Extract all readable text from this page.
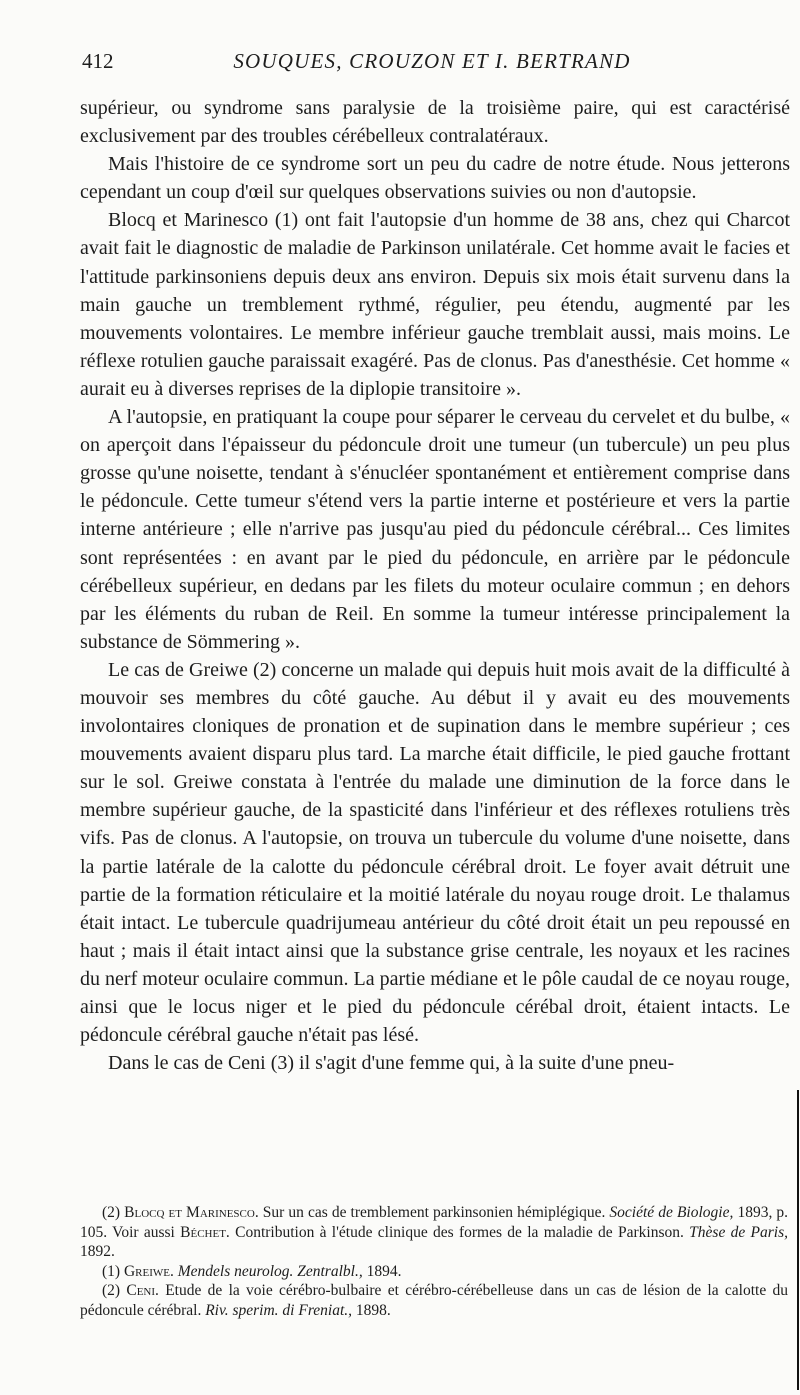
412	SOUQUES, CROUZON ET I. BERTRAND

supérieur, ou syndrome sans paralysie de la troisième paire, qui est caractérisé exclusivement par des troubles cérébelleux contralatéraux.

Mais l'histoire de ce syndrome sort un peu du cadre de notre étude. Nous jetterons cependant un coup d'œil sur quelques observations suivies ou non d'autopsie.

Blocq et Marinesco (1) ont fait l'autopsie d'un homme de 38 ans, chez qui Charcot avait fait le diagnostic de maladie de Parkinson unilatérale. Cet homme avait le facies et l'attitude parkinsoniens depuis deux ans environ. Depuis six mois était survenu dans la main gauche un tremblement rythmé, régulier, peu étendu, augmenté par les mouvements volontaires. Le membre inférieur gauche tremblait aussi, mais moins. Le réflexe rotulien gauche paraissait exagéré. Pas de clonus. Pas d'anesthésie. Cet homme « aurait eu à diverses reprises de la diplopie transitoire ».

A l'autopsie, en pratiquant la coupe pour séparer le cerveau du cervelet et du bulbe, « on aperçoit dans l'épaisseur du pédoncule droit une tumeur (un tubercule) un peu plus grosse qu'une noisette, tendant à s'énucléer spontanément et entièrement comprise dans le pédoncule. Cette tumeur s'étend vers la partie interne et postérieure et vers la partie interne antérieure ; elle n'arrive pas jusqu'au pied du pédoncule cérébral... Ces limites sont représentées : en avant par le pied du pédoncule, en arrière par le pédoncule cérébelleux supérieur, en dedans par les filets du moteur oculaire commun ; en dehors par les éléments du ruban de Reil. En somme la tumeur intéresse principalement la substance de Sömmering ».

Le cas de Greiwe (2) concerne un malade qui depuis huit mois avait de la difficulté à mouvoir ses membres du côté gauche. Au début il y avait eu des mouvements involontaires cloniques de pronation et de supination dans le membre supérieur ; ces mouvements avaient disparu plus tard. La marche était difficile, le pied gauche frottant sur le sol. Greiwe constata à l'entrée du malade une diminution de la force dans le membre supérieur gauche, de la spasticité dans l'inférieur et des réflexes rotuliens très vifs. Pas de clonus. A l'autopsie, on trouva un tubercule du volume d'une noisette, dans la partie latérale de la calotte du pédoncule cérébral droit. Le foyer avait détruit une partie de la formation réticulaire et la moitié latérale du noyau rouge droit. Le thalamus était intact. Le tubercule quadrijumeau antérieur du côté droit était un peu repoussé en haut ; mais il était intact ainsi que la substance grise centrale, les noyaux et les racines du nerf moteur oculaire commun. La partie médiane et le pôle caudal de ce noyau rouge, ainsi que le locus niger et le pied du pédoncule cérébal droit, étaient intacts. Le pédoncule cérébral gauche n'était pas lésé.

Dans le cas de Ceni (3) il s'agit d'une femme qui, à la suite d'une pneu-

(2) Blocq et Marinesco. Sur un cas de tremblement parkinsonien hémiplégique. Société de Biologie, 1893, p. 105. Voir aussi Béchet. Contribution à l'étude clinique des formes de la maladie de Parkinson. Thèse de Paris, 1892.

(1) Greiwe. Mendels neurolog. Zentralbl., 1894.

(2) Ceni. Etude de la voie cérébro-bulbaire et cérébro-cérébelleuse dans un cas de lésion de la calotte du pédoncule cérébral. Riv. sperim. di Freniat., 1898.
